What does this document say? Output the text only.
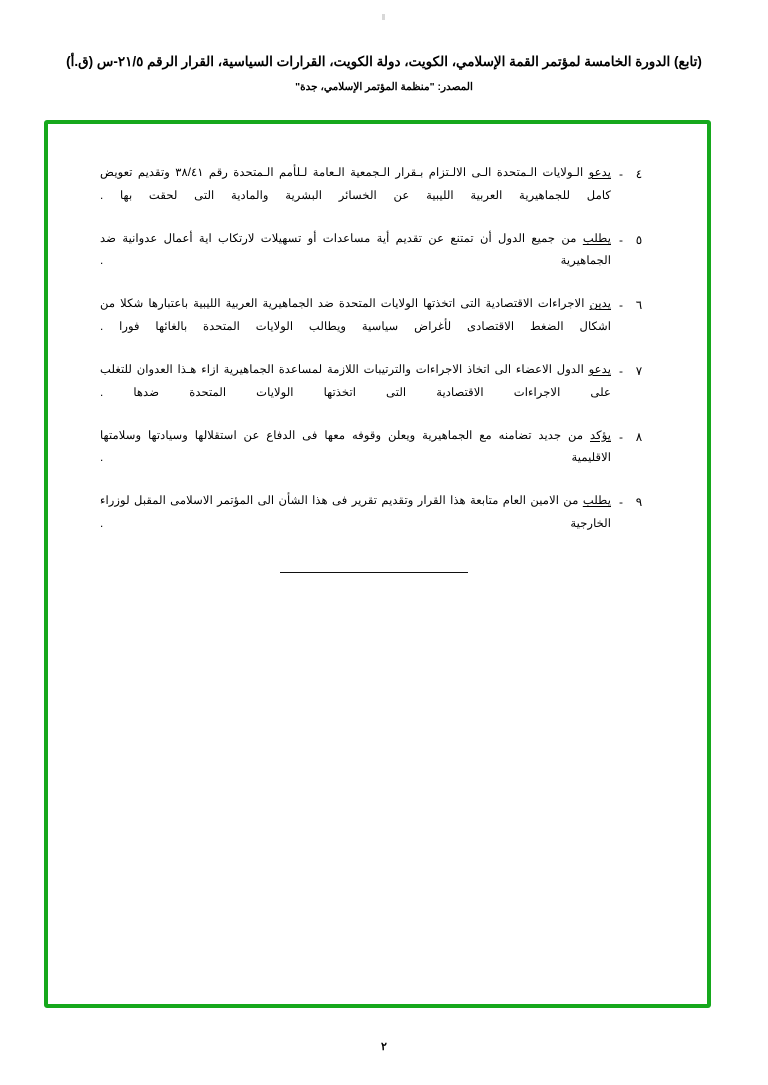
(تابع) الدورة الخامسة لمؤتمر القمة الإسلامي، الكويت، دولة الكويت، القرارات السياسية، القرار الرقم ٢١/٥-س (ق.أ)
المصدر: "منظمة المؤتمر الإسلامي، جدة"
٤
-
يدعو الـولايات الـمتحدة الـى الالـتزام بـقرار الـجمعية الـعامة لـلأمم الـمتحدة رقم ٣٨/٤١ وتقديم تعويض كامل للجماهيرية العربية الليبية عن الخسائر البشرية والمادية التى لحقت بها .
٥
-
يطلب من جميع الدول أن تمتنع عن تقديم أية مساعدات أو تسهيلات لارتكاب اية أعمال عدوانية ضد الجماهيرية .
٦
-
يدين الاجراءات الاقتصادية التى اتخذتها الولايات المتحدة ضد الجماهيرية العربية الليبية باعتبارها شكلا من اشكال الضغط الاقتصادى لأغراض سياسية ويطالب الولايات المتحدة بالغائها فورا .
٧
-
يدعو الدول الاعضاء الى اتخاذ الاجراءات والترتيبات اللازمة لمساعدة الجماهيرية ازاء هـذا العدوان للتغلب على الاجراءات الاقتصادية التى اتخذتها الولايات المتحدة ضدها .
٨
-
يؤكد من جديد تضامنه مع الجماهيرية ويعلن وقوفه معها فى الدفاع عن استقلالها وسيادتها وسلامتها الاقليمية .
٩
-
يطلب من الامين العام متابعة هذا القرار وتقديم تقرير فى هذا الشأن الى المؤتمر الاسلامى المقبل لوزراء الخارجية .
٢
